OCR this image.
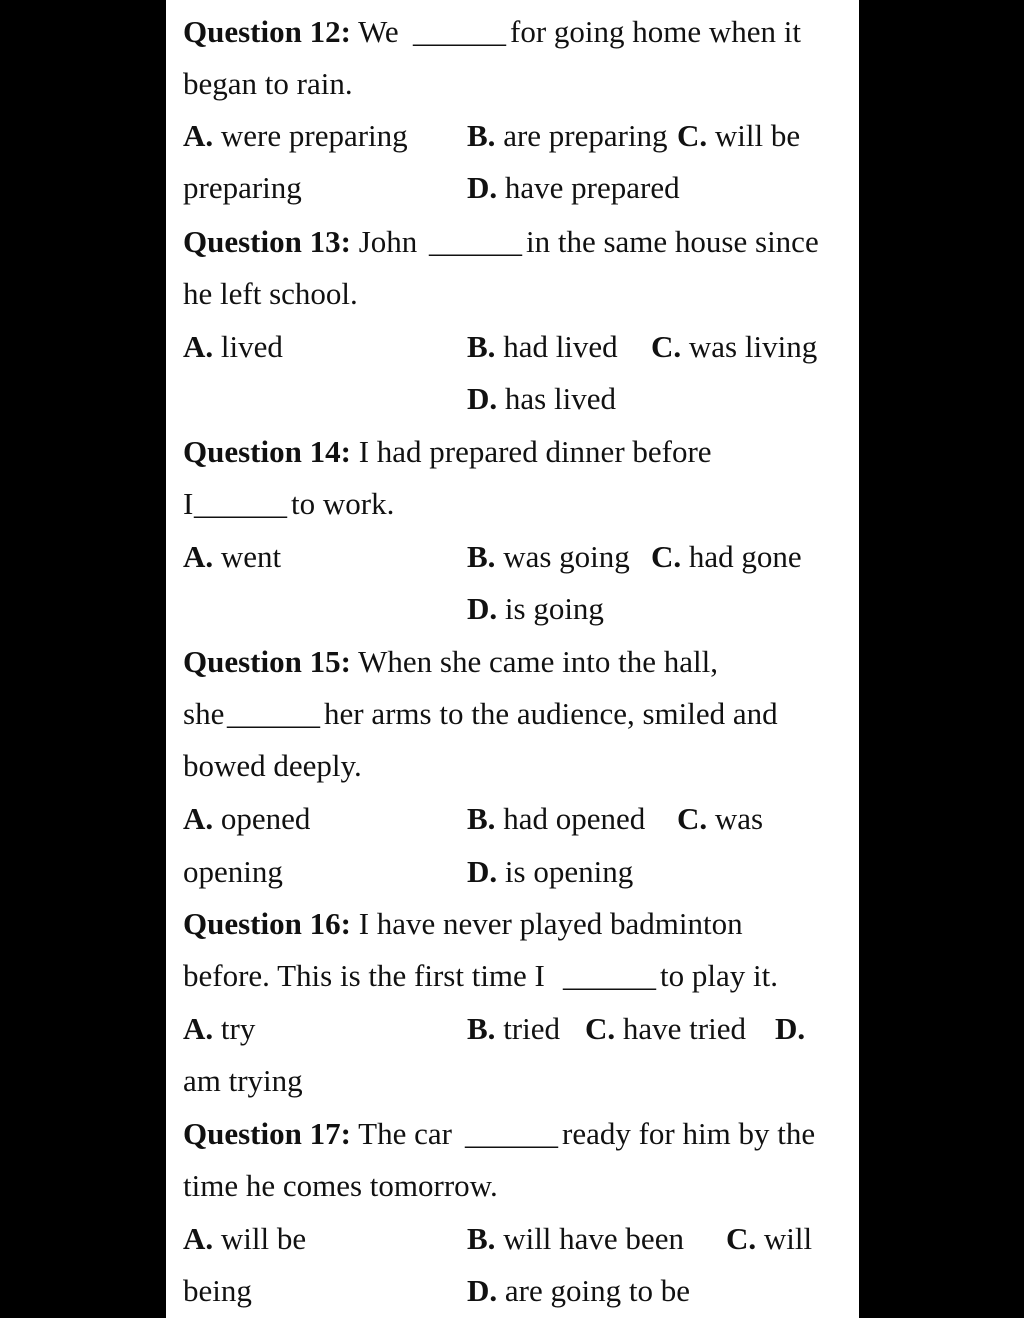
Question 12: We ______ for going home when it
began to rain.
A. were preparing B. are preparing C. will be
preparing	D. have prepared
Question 13: John ______ in the same house since
he left school.
A. lived	B. had lived C. was living
D. has lived
Question 14: I had prepared dinner before
I ______ to work.
A. went	B. was going C. had gone
D. is going
Question 15: When she came into the hall,
she ______ her arms to the audience, smiled and
bowed deeply.
A. opened	B. had opened C. was
opening	D. is opening
Question 16: I have never played badminton
before. This is the first time I ______ to play it.
A. try	B. tried C. have tried D.
am trying
Question 17: The car ______ ready for him by the
time he comes tomorrow.
A. will be	B. will have been C. will
being	D. are going to be
